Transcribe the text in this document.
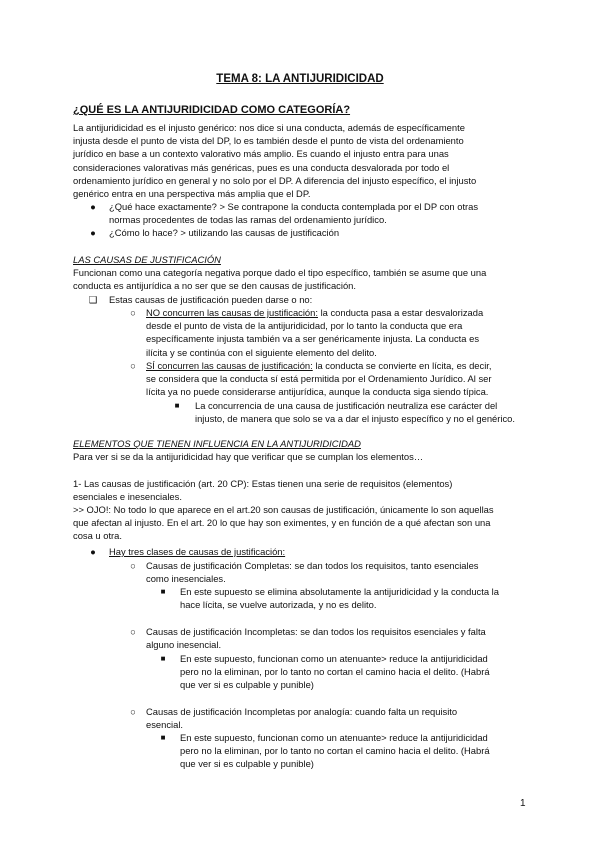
TEMA 8: LA ANTIJURIDICIDAD
¿QUÉ ES LA ANTIJURIDICIDAD COMO CATEGORÍA?
La antijuridicidad es el injusto genérico: nos dice si una conducta, además de específicamente
injusta desde el punto de vista del DP, lo es también desde el punto de vista del ordenamiento
jurídico en base a un contexto valorativo más amplio. Es cuando el injusto entra para unas
consideraciones valorativas más genéricas, pues es una conducta desvalorada por todo el
ordenamiento jurídico en general y no solo por el DP. A diferencia del injusto específico, el injusto
genérico entra en una perspectiva más amplia que el DP.
● ¿Qué hace exactamente? > Se contrapone la conducta contemplada por el DP con otras
normas procedentes de todas las ramas del ordenamiento jurídico.
● ¿Cómo lo hace? > utilizando las causas de justificación
LAS CAUSAS DE JUSTIFICACIÓN
Funcionan como una categoría negativa porque dado el tipo específico, también se asume que una
conducta es antijurídica a no ser que se den causas de justificación.
❑ Estas causas de justificación pueden darse o no:
○ NO concurren las causas de justificación: la conducta pasa a estar desvalorizada
desde el punto de vista de la antijuridicidad, por lo tanto la conducta que era
específicamente injusta también va a ser genéricamente injusta. La conducta es
ilícita y se continúa con el siguiente elemento del delito.
○ SÍ concurren las causas de justificación: la conducta se convierte en lícita, es decir,
se considera que la conducta sí está permitida por el Ordenamiento Jurídico. Al ser
lícita ya no puede considerarse antijurídica, aunque la conducta siga siendo típica.
■ La concurrencia de una causa de justificación neutraliza ese carácter del
injusto, de manera que solo se va a dar el injusto específico y no el genérico.
ELEMENTOS QUE TIENEN INFLUENCIA EN LA ANTIJURIDICIDAD
Para ver si se da la antijuridicidad hay que verificar que se cumplan los elementos…
1- Las causas de justificación (art. 20 CP): Estas tienen una serie de requisitos (elementos)
esenciales e inesenciales.
>> OJO!: No todo lo que aparece en el art.20 son causas de justificación, únicamente lo son aquellas
que afectan al injusto. En el art. 20 lo que hay son eximentes, y en función de a qué afectan son una
cosa u otra.
● Hay tres clases de causas de justificación:
○ Causas de justificación Completas: se dan todos los requisitos, tanto esenciales
como inesenciales.
■ En este supuesto se elimina absolutamente la antijuridicidad y la conducta la
hace lícita, se vuelve autorizada, y no es delito.
○ Causas de justificación Incompletas: se dan todos los requisitos esenciales y falta
alguno inesencial.
■ En este supuesto, funcionan como un atenuante> reduce la antijuridicidad
pero no la eliminan, por lo tanto no cortan el camino hacia el delito. (Habrá
que ver si es culpable y punible)
○ Causas de justificación Incompletas por analogía: cuando falta un requisito
esencial.
■ En este supuesto, funcionan como un atenuante> reduce la antijuridicidad
pero no la eliminan, por lo tanto no cortan el camino hacia el delito. (Habrá
que ver si es culpable y punible)
1
